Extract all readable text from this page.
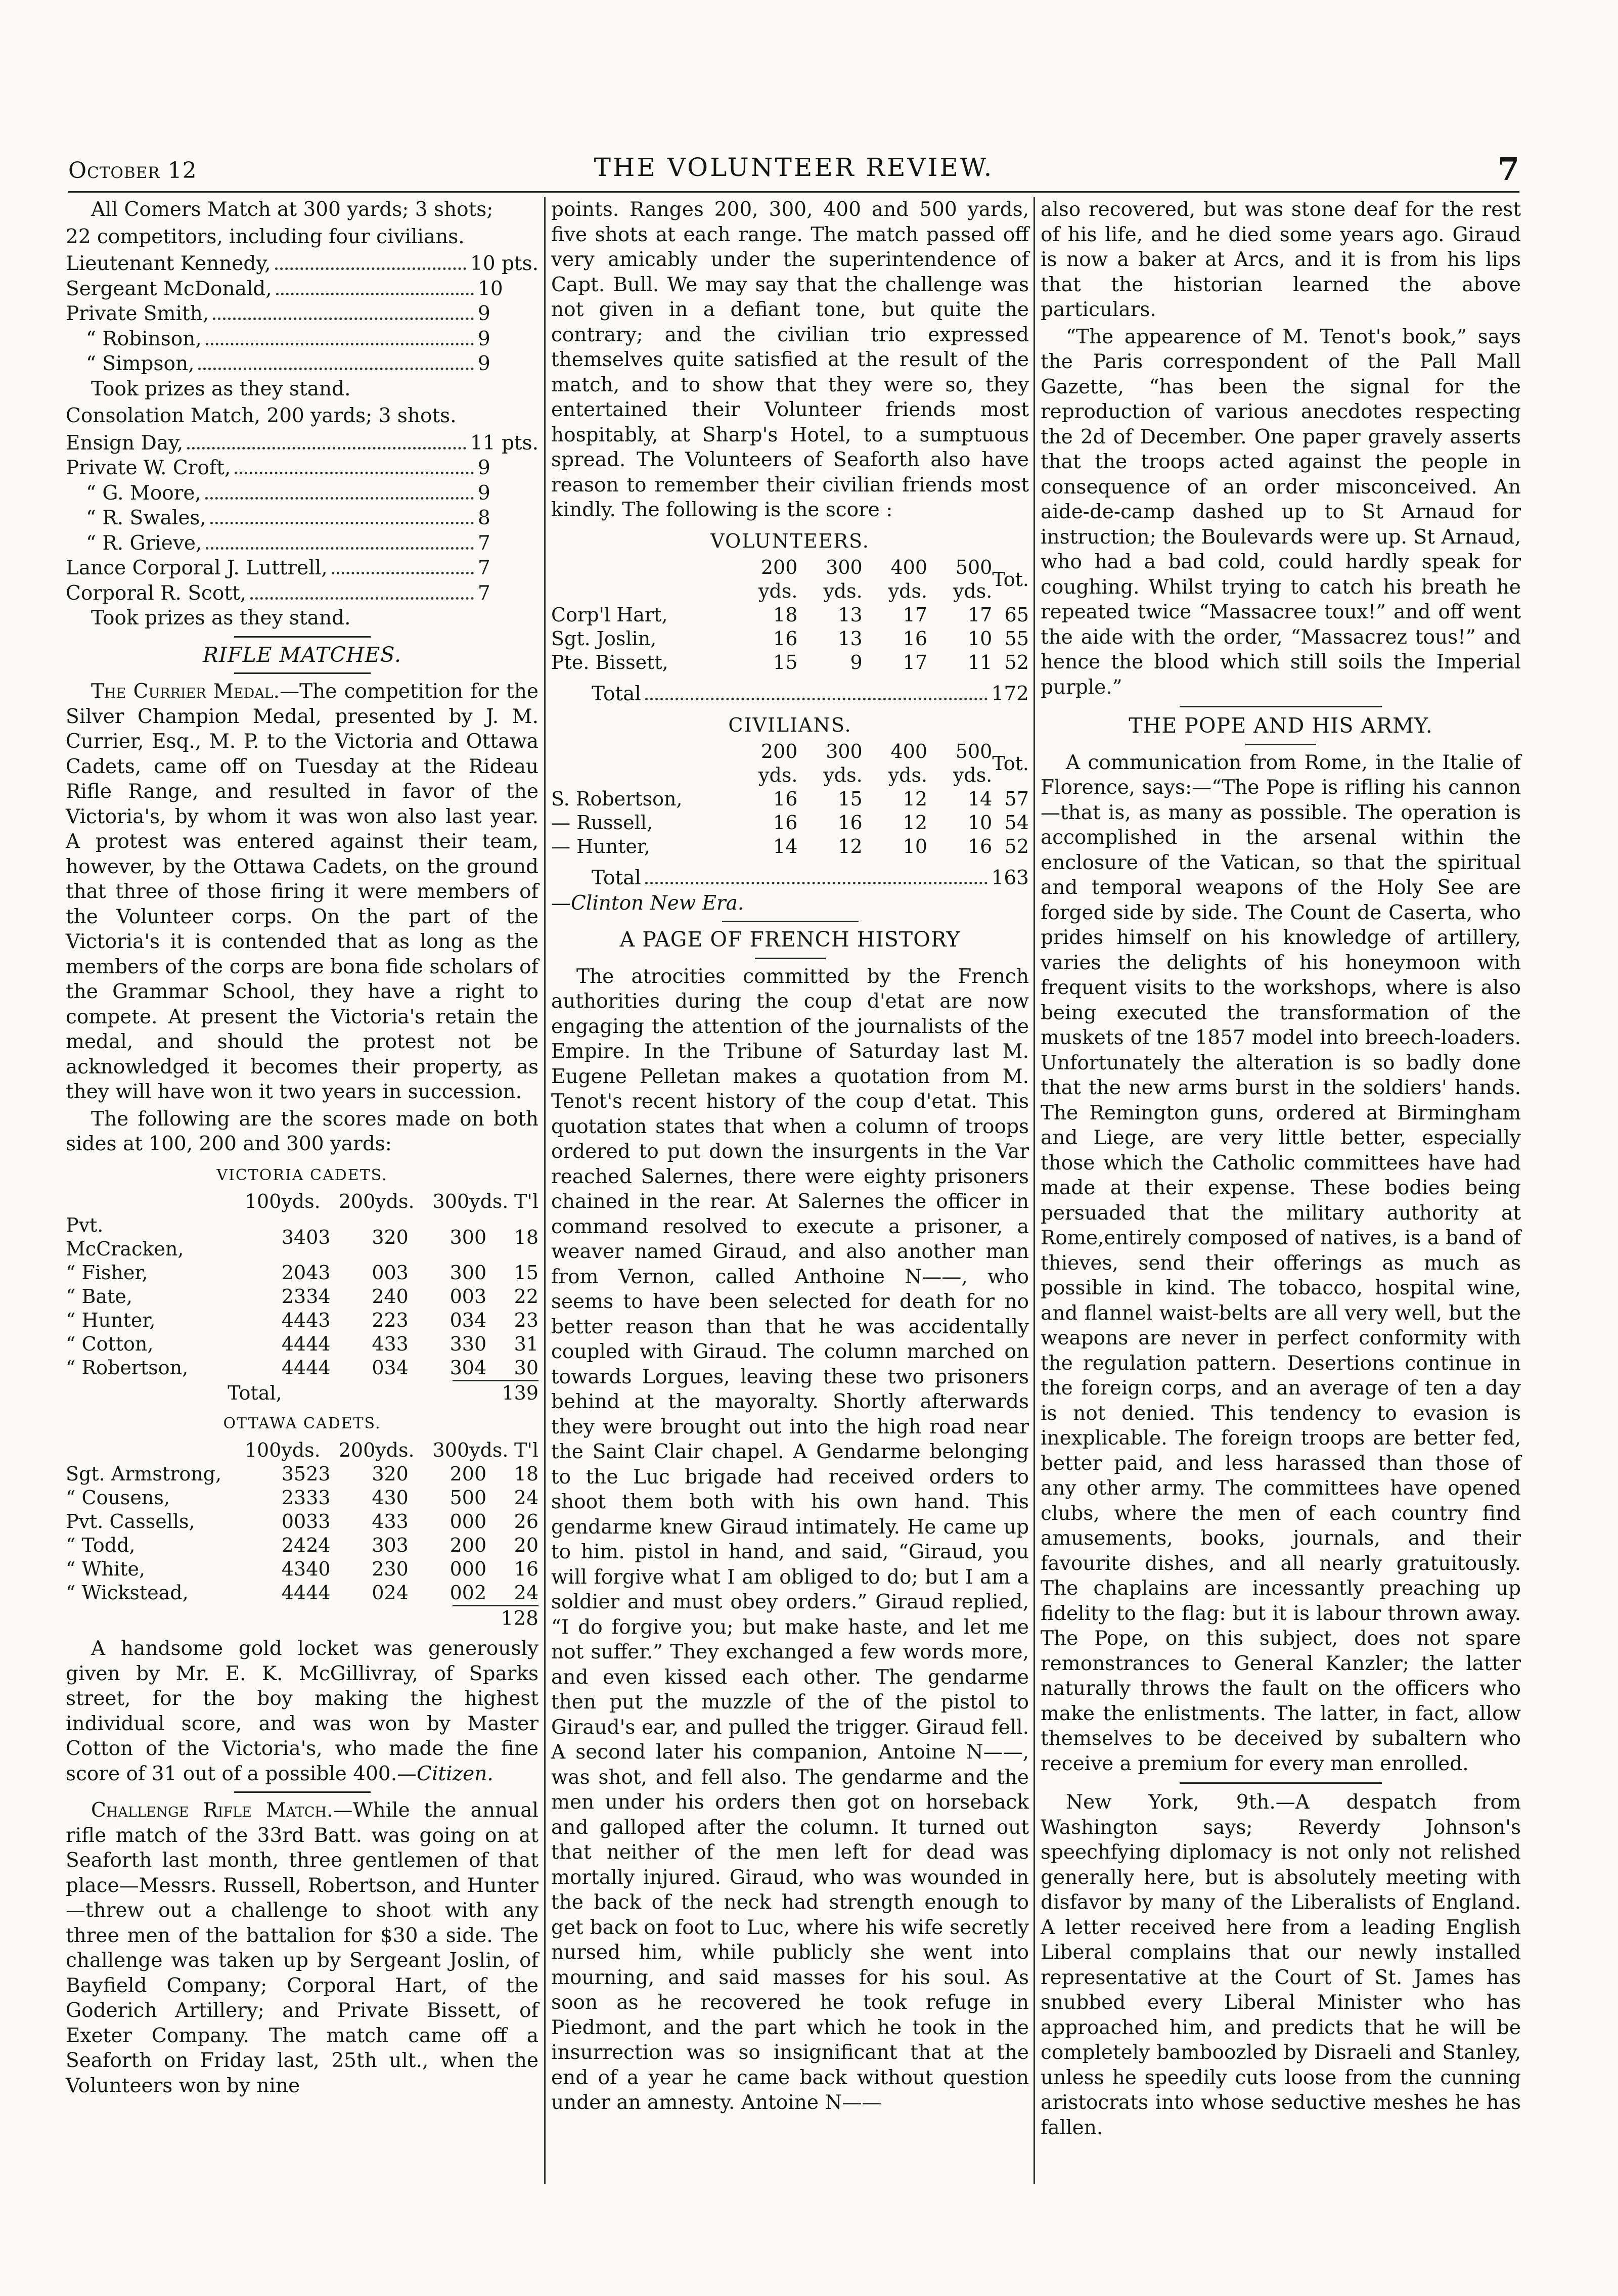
October 12	THE VOLUNTEER REVIEW.	7

All Comers Match at 300 yards; 3 shots;

22 competitors, including four civilians.

Lieutenant Kennedy,	10 pts.
Sergeant McDonald,	10
Private Smith,	9
“ Robinson,	9
“ Simpson,	9

Took prizes as they stand.

Consolation Match, 200 yards; 3 shots.

Ensign Day,	11 pts.
Private W. Croft,	9
“ G. Moore,	9
“ R. Swales,	8
“ R. Grieve,	7
Lance Corporal J. Luttrell,	7
Corporal R. Scott,	7

Took prizes as they stand.

RIFLE MATCHES.

The Currier Medal.—The competition for the Silver Champion Medal, presented by J. M. Currier, Esq., M. P. to the Victoria and Ottawa Cadets, came off on Tuesday at the Rideau Rifle Range, and resulted in favor of the Victoria's, by whom it was won also last year. A protest was entered against their team, however, by the Ottawa Cadets, on the ground that three of those firing it were members of the Volunteer corps. On the part of the Victoria's it is contended that as long as the members of the corps are bona fide scholars of the Grammar School, they have a right to compete. At present the Victoria's retain the medal, and should the protest not be acknowledged it becomes their property, as they will have won it two years in succession.

The following are the scores made on both sides at 100, 200 and 300 yards:

VICTORIA CADETS.
	100yds.	200yds.	300yds.	T'l
Pvt. McCracken,	3403	320	300	18
“ Fisher,	2043	003	300	15
“ Bate,	2334	240	003	22
“ Hunter,	4443	223	034	23
“ Cotton,	4444	433	330	31
“ Robertson,	4444	034	304	30
Total,	139
OTTAWA CADETS.
	100yds.	200yds.	300yds.	T'l
Sgt. Armstrong,	3523	320	200	18
“ Cousens,	2333	430	500	24
Pvt. Cassells,	0033	433	000	26
“ Todd,	2424	303	200	20
“ White,	4340	230	000	16
“ Wickstead,	4444	024	002	24
128

A handsome gold locket was generously given by Mr. E. K. McGillivray, of Sparks street, for the boy making the highest individual score, and was won by Master Cotton of the Victoria's, who made the fine score of 31 out of a possible 400.—Citizen.

Challenge Rifle Match.—While the annual rifle match of the 33rd Batt. was going on at Seaforth last month, three gentlemen of that place—Messrs. Russell, Robertson, and Hunter—threw out a challenge to shoot with any three men of the battalion for $30 a side. The challenge was taken up by Sergeant Joslin, of Bayfield Company; Corporal Hart, of the Goderich Artillery; and Private Bissett, of Exeter Company. The match came off a Seaforth on Friday last, 25th ult., when the Volunteers won by nine

points. Ranges 200, 300, 400 and 500 yards, five shots at each range. The match passed off very amicably under the superintendence of Capt. Bull. We may say that the challenge was not given in a defiant tone, but quite the contrary; and the civilian trio expressed themselves quite satisfied at the result of the match, and to show that they were so, they entertained their Volunteer friends most hospitably, at Sharp's Hotel, to a sumptuous spread. The Volunteers of Seaforth also have reason to remember their civilian friends most kindly. The following is the score :

VOLUNTEERS.
	200 yds.	300 yds.	400 yds.	500 yds.	Tot.
Corp'l Hart,	18	13	17	17	65
Sgt. Joslin,	16	13	16	10	55
Pte. Bissett,	15	9	17	11	52
Total	172
CIVILIANS.
	200 yds.	300 yds.	400 yds.	500 yds.	Tot.
S. Robertson,	16	15	12	14	57
— Russell,	16	16	12	10	54
— Hunter,	14	12	10	16	52
Total	163

—Clinton New Era.

A PAGE OF FRENCH HISTORY

The atrocities committed by the French authorities during the coup d'etat are now engaging the attention of the journalists of the Empire. In the Tribune of Saturday last M. Eugene Pelletan makes a quotation from M. Tenot's recent history of the coup d'etat. This quotation states that when a column of troops ordered to put down the insurgents in the Var reached Salernes, there were eighty prisoners chained in the rear. At Salernes the officer in command resolved to execute a prisoner, a weaver named Giraud, and also another man from Vernon, called Anthoine N——, who seems to have been selected for death for no better reason than that he was accidentally coupled with Giraud. The column marched on towards Lorgues, leaving these two prisoners behind at the mayoralty. Shortly afterwards they were brought out into the high road near the Saint Clair chapel. A Gendarme belonging to the Luc brigade had received orders to shoot them both with his own hand. This gendarme knew Giraud intimately. He came up to him. pistol in hand, and said, “Giraud, you will forgive what I am obliged to do; but I am a soldier and must obey orders.” Giraud replied, “I do forgive you; but make haste, and let me not suffer.” They exchanged a few words more, and even kissed each other. The gendarme then put the muzzle of the of the pistol to Giraud's ear, and pulled the trigger. Giraud fell. A second later his companion, Antoine N——, was shot, and fell also. The gendarme and the men under his orders then got on horseback and galloped after the column. It turned out that neither of the men left for dead was mortally injured. Giraud, who was wounded in the back of the neck had strength enough to get back on foot to Luc, where his wife secretly nursed him, while publicly she went into mourning, and said masses for his soul. As soon as he recovered he took refuge in Piedmont, and the part which he took in the insurrection was so insignificant that at the end of a year he came back without question under an amnesty. Antoine N——

also recovered, but was stone deaf for the rest of his life, and he died some years ago. Giraud is now a baker at Arcs, and it is from his lips that the historian learned the above particulars.

“The appearence of M. Tenot's book,” says the Paris correspondent of the Pall Mall Gazette, “has been the signal for the reproduction of various anecdotes respecting the 2d of December. One paper gravely asserts that the troops acted against the people in consequence of an order misconceived. An aide-de-camp dashed up to St Arnaud for instruction; the Boulevards were up. St Arnaud, who had a bad cold, could hardly speak for coughing. Whilst trying to catch his breath he repeated twice “Massacree toux!” and off went the aide with the order, “Massacrez tous!” and hence the blood which still soils the Imperial purple.”

THE POPE AND HIS ARMY.

A communication from Rome, in the Italie of Florence, says:—“The Pope is rifling his cannon—that is, as many as possible. The operation is accomplished in the arsenal within the enclosure of the Vatican, so that the spiritual and temporal weapons of the Holy See are forged side by side. The Count de Caserta, who prides himself on his knowledge of artillery, varies the delights of his honeymoon with frequent visits to the workshops, where is also being executed the transformation of the muskets of tne 1857 model into breech-loaders. Unfortunately the alteration is so badly done that the new arms burst in the soldiers' hands. The Remington guns, ordered at Birmingham and Liege, are very little better, especially those which the Catholic committees have had made at their expense. These bodies being persuaded that the military authority at Rome,entirely composed of natives, is a band of thieves, send their offerings as much as possible in kind. The tobacco, hospital wine, and flannel waist-belts are all very well, but the weapons are never in perfect conformity with the regulation pattern. Desertions continue in the foreign corps, and an average of ten a day is not denied. This tendency to evasion is inexplicable. The foreign troops are better fed, better paid, and less harassed than those of any other army. The committees have opened clubs, where the men of each country find amusements, books, journals, and their favourite dishes, and all nearly gratuitously. The chaplains are incessantly preaching up fidelity to the flag: but it is labour thrown away. The Pope, on this subject, does not spare remonstrances to General Kanzler; the latter naturally throws the fault on the officers who make the enlistments. The latter, in fact, allow themselves to be deceived by subaltern who receive a premium for every man enrolled.

New York, 9th.—A despatch from Washington says; Reverdy Johnson's speechfying diplomacy is not only not relished generally here, but is absolutely meeting with disfavor by many of the Liberalists of England. A letter received here from a leading English Liberal complains that our newly installed representative at the Court of St. James has snubbed every Liberal Minister who has approached him, and predicts that he will be completely bamboozled by Disraeli and Stanley, unless he speedily cuts loose from the cunning aristocrats into whose seductive meshes he has fallen.
